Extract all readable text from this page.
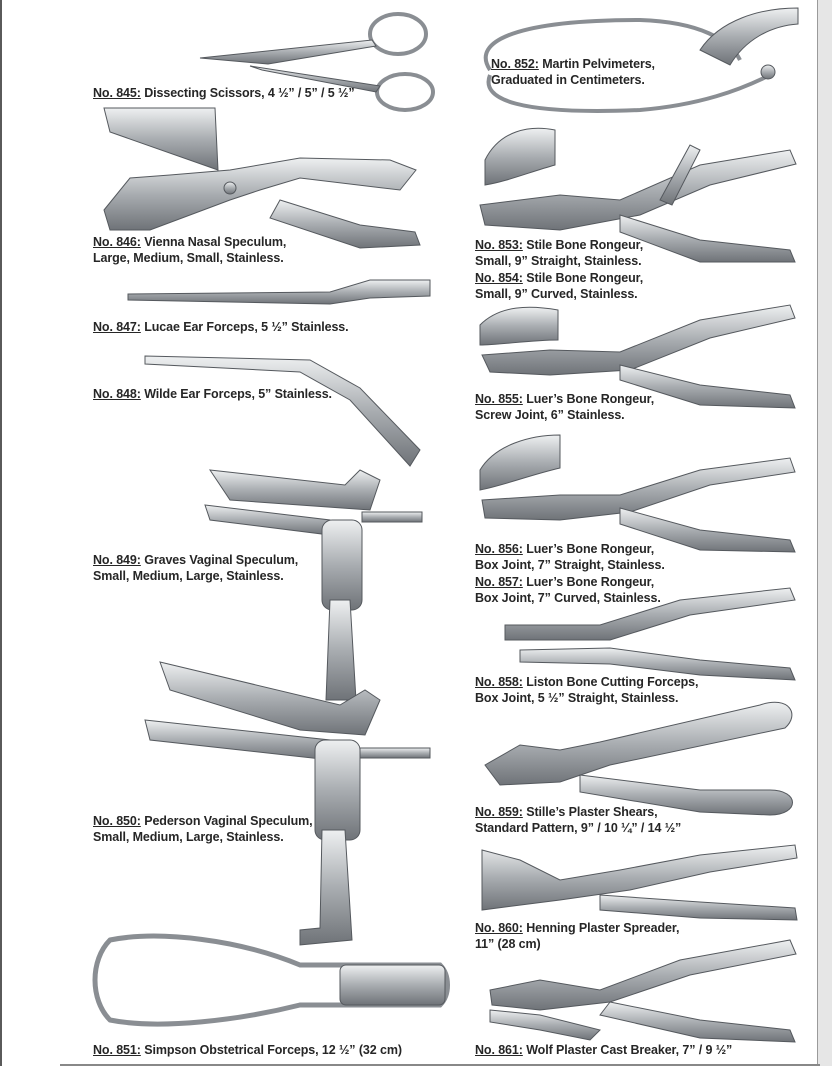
No. 845: Dissecting Scissors, 4 ½” / 5” / 5 ½”
No. 846: Vienna Nasal Speculum,
Large, Medium, Small, Stainless.
No. 847: Lucae Ear Forceps, 5 ½” Stainless.
No. 848: Wilde Ear Forceps, 5” Stainless.
No. 849: Graves Vaginal Speculum,
Small, Medium, Large, Stainless.
No. 850: Pederson Vaginal Speculum,
Small, Medium, Large, Stainless.
No. 851: Simpson Obstetrical Forceps, 12 ½” (32 cm)
No. 852: Martin Pelvimeters,
Graduated in Centimeters.
No. 853: Stile Bone Rongeur,
Small, 9” Straight, Stainless.
No. 854: Stile Bone Rongeur,
Small, 9” Curved, Stainless.
No. 855: Luer’s Bone Rongeur,
Screw Joint, 6” Stainless.
No. 856: Luer’s Bone Rongeur,
Box Joint, 7” Straight, Stainless.
No. 857: Luer’s Bone Rongeur,
Box Joint, 7” Curved, Stainless.
No. 858: Liston Bone Cutting Forceps,
Box Joint, 5 ½” Straight, Stainless.
No. 859: Stille’s Plaster Shears,
Standard Pattern, 9” / 10 ¼” / 14 ½”
No. 860: Henning Plaster Spreader,
11” (28 cm)
No. 861: Wolf Plaster Cast Breaker, 7” / 9 ½”
